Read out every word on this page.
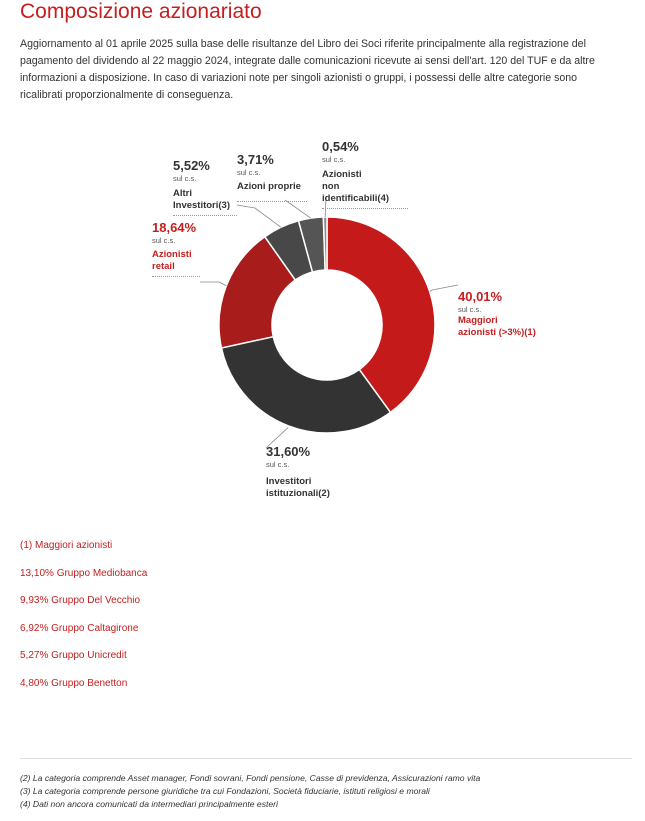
Composizione azionariato

Aggiornamento al 01 aprile 2025 sulla base delle risultanze del Libro dei Soci riferite principalmente alla registrazione del pagamento del dividendo al 22 maggio 2024, integrate dalle comunicazioni ricevute ai sensi dell'art. 120 del TUF e da altre informazioni a disposizione. In caso di variazioni note per singoli azionisti o gruppi, i possessi delle altre categorie sono ricalibrati proporzionalmente di conseguenza.

40,01%
sul c.s.
Maggiori
azionisti (>3%)(1)
31,60%
sul c.s.
Investitori
istituzionali(2)
18,64%
sul c.s.
Azionisti
retail
5,52%
sul c.s.
Altri
Investitori(3)
3,71%
sul c.s.
Azioni proprie
0,54%
sul c.s.
Azionisti
non identificabili(4)
(1) Maggiori azionisti
13,10% Gruppo Mediobanca
9,93% Gruppo Del Vecchio
6,92% Gruppo Caltagirone
5,27% Gruppo Unicredit
4,80% Gruppo Benetton
(2) La categoria comprende Asset manager, Fondi sovrani, Fondi pensione, Casse di previdenza, Assicurazioni ramo vita
(3) La categoria comprende persone giuridiche tra cui Fondazioni, Società fiduciarie, istituti religiosi e morali
(4) Dati non ancora comunicati da intermediari principalmente esteri
